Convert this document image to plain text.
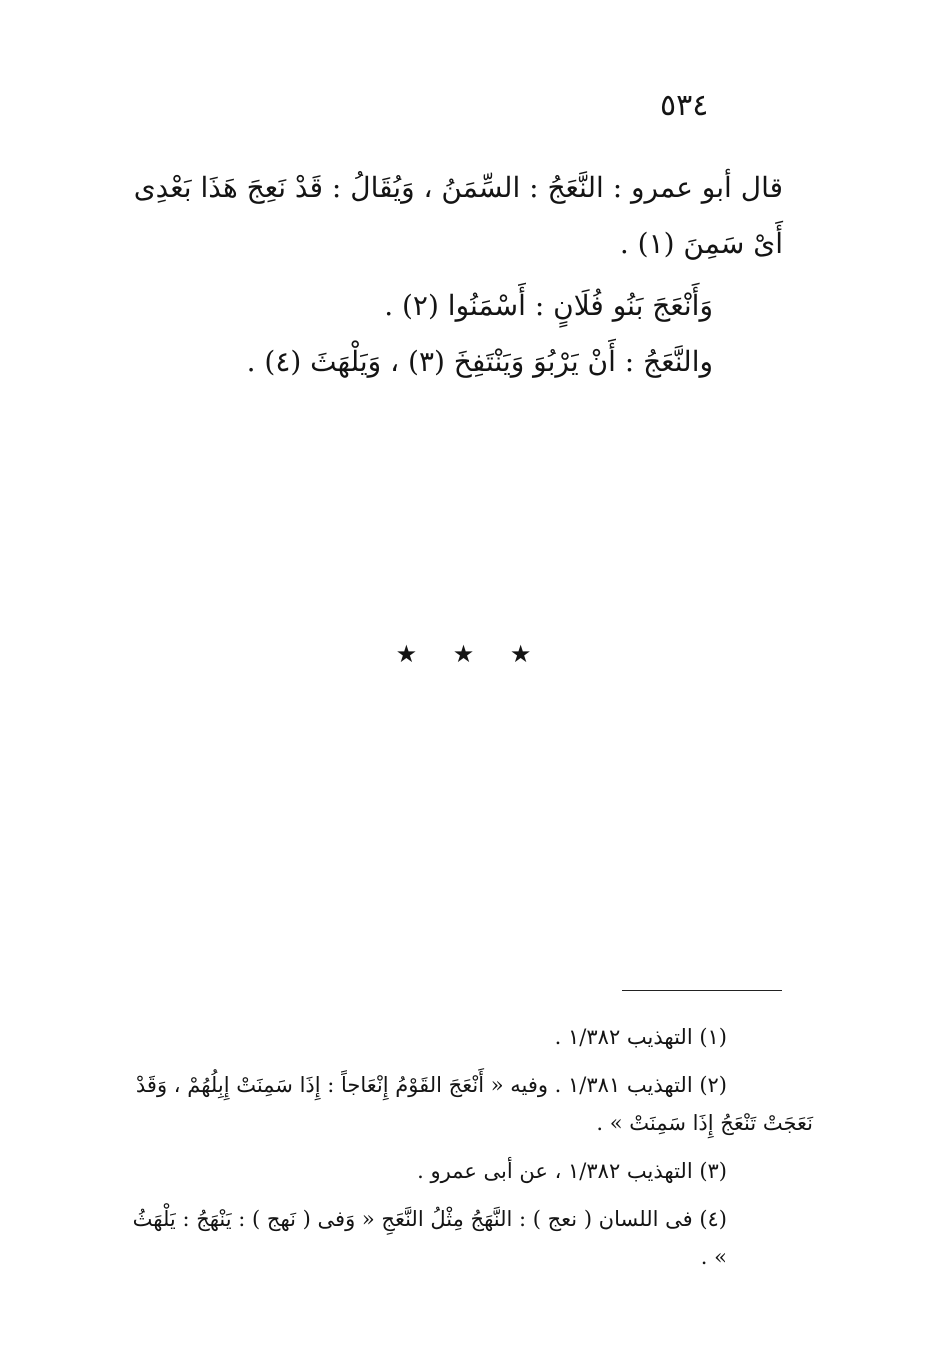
٥٣٤

قال أبو عمرو : النَّعَجُ : السِّمَنُ ، وَيُقَالُ : قَدْ نَعِجَ هَذَا بَعْدِى أَىْ سَمِنَ (١) .

وَأَنْعَجَ بَنُو فُلَانٍ : أَسْمَنُوا (٢) .

والنَّعَجُ : أَنْ يَرْبُوَ وَيَنْتَفِخَ (٣) ، وَيَلْهَثَ (٤) .

★ ★ ★

(١) التهذيب ١/٣٨٢ .

(٢) التهذيب ١/٣٨١ . وفيه « أَنْعَجَ القَوْمُ إِنْعَاجاً : إِذَا سَمِنَتْ إِبِلُهُمْ ، وَقَدْ نَعَجَتْ تَنْعَجُ إِذَا سَمِنَتْ » .

(٣) التهذيب ١/٣٨٢ ، عن أبى عمرو .

(٤) فى اللسان ( نعج ) : النَّهَجُ مِثْلُ النَّعَجِ « وَفى ( نَهج ) : يَنْهَجُ : يَلْهَثُ » .
